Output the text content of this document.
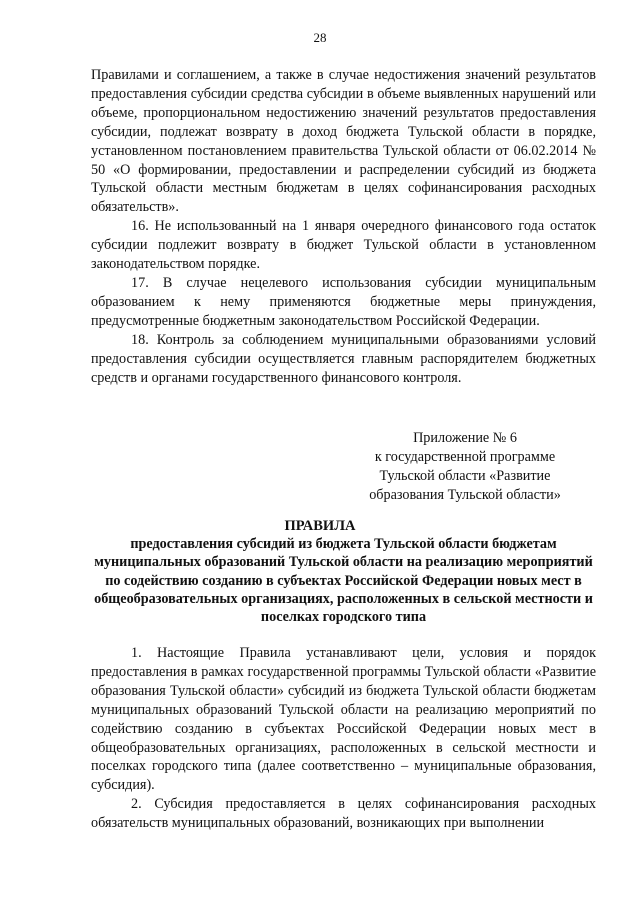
28

Правилами и соглашением, а также в случае недостижения значений результатов предоставления субсидии средства субсидии в объеме выявленных нарушений или объеме, пропорциональном недостижению значений результатов предоставления субсидии, подлежат возврату в доход бюджета Тульской области в порядке, установленном постановлением правительства Тульской области от 06.02.2014 № 50 «О формировании, предоставлении и распределении субсидий из бюджета Тульской области местным бюджетам в целях софинансирования расходных обязательств».

16. Не использованный на 1 января очередного финансового года остаток субсидии подлежит возврату в бюджет Тульской области в установленном законодательством порядке.

17. В случае нецелевого использования субсидии муниципальным образованием к нему применяются бюджетные меры принуждения, предусмотренные бюджетным законодательством Российской Федерации.

18. Контроль за соблюдением муниципальными образованиями условий предоставления субсидии осуществляется главным распорядителем бюджетных средств и органами государственного финансового контроля.

Приложение № 6
к государственной программе
Тульской области «Развитие
образования Тульской области»
ПРАВИЛА
предоставления субсидий из бюджета Тульской области бюджетам муниципальных образований Тульской области на реализацию мероприятий по содействию созданию в субъектах Российской Федерации новых мест в общеобразовательных организациях, расположенных в сельской местности и поселках городского типа

1. Настоящие Правила устанавливают цели, условия и порядок предоставления в рамках государственной программы Тульской области «Развитие образования Тульской области» субсидий из бюджета Тульской области бюджетам муниципальных образований Тульской области на реализацию мероприятий по содействию созданию в субъектах Российской Федерации новых мест в общеобразовательных организациях, расположенных в сельской местности и поселках городского типа (далее соответственно – муниципальные образования, субсидия).

2. Субсидия предоставляется в целях софинансирования расходных обязательств муниципальных образований, возникающих при выполнении
